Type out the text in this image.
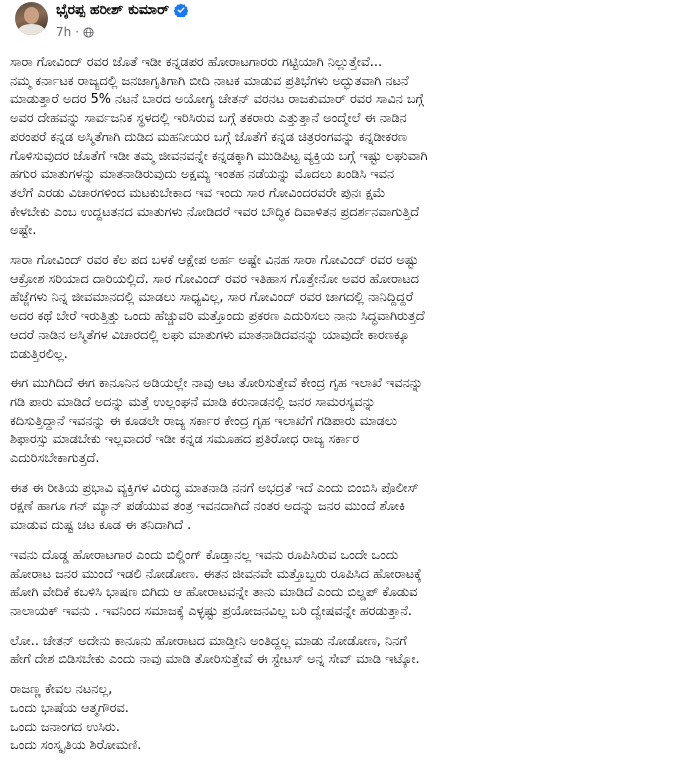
ಭೈರಪ್ಪ ಹರೀಶ್ ಕುಮಾರ್
7h ·

ಸಾರಾ ಗೋವಿಂದ್ ರವರ ಜೊತೆ ಇಡೀ ಕನ್ನಡಪರ ಹೋರಾಟಗಾರರು ಗಟ್ಟಿಯಾಗಿ ನಿಲ್ಲುತ್ತೇವೆ...
ನಮ್ಮ ಕರ್ನಾಟಕ ರಾಜ್ಯದಲ್ಲಿ ಜನಜಾಗೃತಿಗಾಗಿ ಬೀದಿ ನಾಟಕ ಮಾಡುವ ಪ್ರತಿಭೆಗಳು ಅದ್ಭುತವಾಗಿ ನಟನೆ
ಮಾಡುತ್ತಾರೆ ಅದರ 5% ನಟನೆ ಬಾರದ ಅಯೋಗ್ಯ ಚೇತನ್ ವರನಟ ರಾಜಕುಮಾರ್ ರವರ ಸಾವಿನ ಬಗ್ಗೆ
ಅವರ ದೇಹವನ್ನು ಸಾರ್ವಜನಿಕ ಸ್ಥಳದಲ್ಲಿ ಇರಿಸಿರುವ ಬಗ್ಗೆ ತಕರಾರು ಎತ್ತುತ್ತಾನೆ ಅಂದ್ಮೇಲೆ ಈ ನಾಡಿನ
ಪರಂಪರೆ ಕನ್ನಡ ಅಸ್ಮಿತೆಗಾಗಿ ದುಡಿದ ಮಹನೀಯರ ಬಗ್ಗೆ ಜೊತೆಗೆ ಕನ್ನಡ ಚಿತ್ರರಂಗವನ್ನು ಕನ್ನಡೀಕರಣ
ಗೊಳಿಸುವುದರ ಜೊತೆಗೆ ಇಡೀ ತಮ್ಮ ಜೀವನವನ್ನೇ ಕನ್ನಡಕ್ಕಾಗಿ ಮುಡಿಪಿಟ್ಟ ವ್ಯಕ್ತಿಯ ಬಗ್ಗೆ ಇಷ್ಟು ಲಘುವಾಗಿ
ಹಗುರ ಮಾತುಗಳನ್ನು ಮಾತನಾಡಿರುವುದು ಅಕ್ಷಮ್ಯ ಇಂತಹ ನಡೆಯನ್ನು ಮೊದಲು ಖಂಡಿಸಿ ಇವನ
ತಲೆಗೆ ಎರಡು ವಿಚಾರಗಳಿಂದ ಮಟಕುಬೇಕಾದ ಇವ ಇಂದು ಸಾರ ಗೋವಿಂದರವರೇ ಪುನಃ ಕ್ಷಮೆ
ಕೇಳಬೇಕು ಎಂಬ ಉದ್ದಟತನದ ಮಾತುಗಳು ನೋಡಿದರೆ ಇವರ ಬೌದ್ಧಿಕ ದಿವಾಳಿತನ ಪ್ರದರ್ಶನವಾಗುತ್ತಿದೆ
ಅಷ್ಟೇ.

ಸಾರಾ ಗೋವಿಂದ್ ರವರ ಕೆಲ ಪದ ಬಳಕೆ ಆಕ್ಷೇಪ ಅರ್ಹ ಅಷ್ಟೇ ವಿನಹ ಸಾರಾ ಗೋವಿಂದ್ ರವರ ಅಷ್ಟು
ಆಕ್ರೋಶ ಸರಿಯಾದ ದಾರಿಯಲ್ಲಿದೆ. ಸಾರ ಗೋವಿಂದ್ ರವರ ಇತಿಹಾಸ ಗೊತ್ತೇನೋ ಅವರ ಹೋರಾಟದ
ಹೆಜ್ಜೆಗಳು ನಿನ್ನ ಜೀವಮಾನದಲ್ಲಿ ಮಾಡಲು ಸಾಧ್ಯವಿಲ್ಲ, ಸಾರ ಗೋವಿಂದ್ ರವರ ಜಾಗದಲ್ಲಿ ನಾನಿದ್ದಿದ್ದರೆ
ಅದರ ಕಥೆ ಬೇರೆ ಇರುತ್ತಿತ್ತು ಒಂದು ಹೆಚ್ಚುವರಿ ಮತ್ತೊಂದು ಪ್ರಕರಣ ಎದುರಿಸಲು ನಾನು ಸಿದ್ಧವಾಗಿರುತ್ತದೆ
ಆದರೆ ನಾಡಿನ ಅಸ್ಮಿತೆಗಳ ವಿಚಾರದಲ್ಲಿ ಲಘು ಮಾತುಗಳು ಮಾತನಾಡಿದವನನ್ನು ಯಾವುದೇ ಕಾರಣಕ್ಕೂ
ಬಿಡುತ್ತಿರಲಿಲ್ಲ.

ಈಗ ಮುಗಿದಿದೆ ಈಗ ಕಾನೂನಿನ ಅಡಿಯಲ್ಲೇ ನಾವು ಆಟ ತೋರಿಸುತ್ತೇವೆ ಕೇಂದ್ರ ಗೃಹ ಇಲಾಖೆ ಇವನನ್ನು
ಗಡಿ ಪಾರು ಮಾಡಿದೆ ಅದನ್ನು ಮತ್ತೆ ಉಲ್ಲಂಘನೆ ಮಾಡಿ ಕರುನಾಡನಲ್ಲಿ ಜನರ ಸಾಮರಸ್ಯವನ್ನು
ಕದಿಸುತ್ತಿದ್ದಾನೆ ಇವನನ್ನು ಈ ಕೂಡಲೇ ರಾಜ್ಯ ಸರ್ಕಾರ ಕೇಂದ್ರ ಗೃಹ ಇಲಾಖೆಗೆ ಗಡಿಪಾರು ಮಾಡಲು
ಶಿಫಾರಸ್ಸು ಮಾಡಬೇಕು ಇಲ್ಲವಾದರೆ ಇಡೀ ಕನ್ನಡ ಸಮೂಹದ ಪ್ರತಿರೋಧ ರಾಜ್ಯ ಸರ್ಕಾರ
ಎದುರಿಸಬೇಕಾಗುತ್ತದೆ.

ಈತ ಈ ರೀತಿಯ ಪ್ರಭಾವಿ ವ್ಯಕ್ತಿಗಳ ವಿರುದ್ಧ ಮಾತನಾಡಿ ನನಗೆ ಅಭದ್ರತೆ ಇದೆ ಎಂದು ಬಿಂಬಿಸಿ ಪೊಲೀಸ್
ರಕ್ಷಣೆ ಹಾಗೂ ಗನ್ ಮ್ಯಾನ್ ಪಡೆಯುವ ತಂತ್ರ ಇವನದಾಗಿದೆ ನಂತರ ಅದನ್ನು ಜನರ ಮುಂದೆ ಶೋಕಿ
ಮಾಡುವ ದುಷ್ಟ ಚಟ ಕೂಡ ಈ ತನಿದಾಗಿದೆ .

ಇವನು ದೊಡ್ಡ ಹೋರಾಟಗಾರ ಎಂದು ಬಿಲ್ಡಿಂಗ್ ಕೊಡ್ತಾನಲ್ಲ ಇವನು ರೂಪಿಸಿರುವ ಒಂದೇ ಒಂದು
ಹೋರಾಟ ಜನರ ಮುಂದೆ ಇಡಲಿ ನೋಡೋಣ. ಈತನ ಜೀವನವೇ ಮತ್ತೊಬ್ಬರು ರೂಪಿಸಿದ ಹೋರಾಟಕ್ಕೆ
ಹೋಗಿ ವೇದಿಕೆ ಕಬಳಿಸಿ ಭಾಷಣ ಬಿಗಿದು ಆ ಹೋರಾಟವನ್ನೇ ತಾನು ಮಾಡಿದೆ ಎಂದು ಬಿಲ್ಡಪ್ ಕೊಡುವ
ನಾಲಾಯಕ್ ಇವನು . ಇವನಿಂದ ಸಮಾಜಕ್ಕೆ ಎಳ್ಳಷ್ಟು ಪ್ರಯೋಜನವಿಲ್ಲ ಬರಿ ದ್ವೇಷವನ್ನೇ ಹರಡುತ್ತಾನೆ.

ಲೋ.. ಚೇತನ್ ಅದೇನು ಕಾನೂನು ಹೋರಾಟದ ಮಾಡ್ತೀನಿ ಅಂತಿದ್ದಲ್ಲ ಮಾಡು ನೋಡೋಣ, ನಿನಗೆ
ಹೇಗೆ ದೇಶ ಬಿಡಿಸಬೇಕು ಎಂದು ನಾವು ಮಾಡಿ ತೋರಿಸುತ್ತೇವೆ ಈ ಸ್ಟೇಟಸ್ ಅನ್ನ ಸೇವ್ ಮಾಡಿ ಇಟ್ಕೋ.

ರಾಜಣ್ಣ ಕೇವಲ ನಟನಲ್ಲ,
ಒಂದು ಭಾಷೆಯ ಆತ್ಮಗೌರವ.
ಒಂದು ಜನಾಂಗದ ಉಸಿರು.
ಒಂದು ಸಂಸ್ಕೃತಿಯ ಶಿರೋಮಣಿ.
